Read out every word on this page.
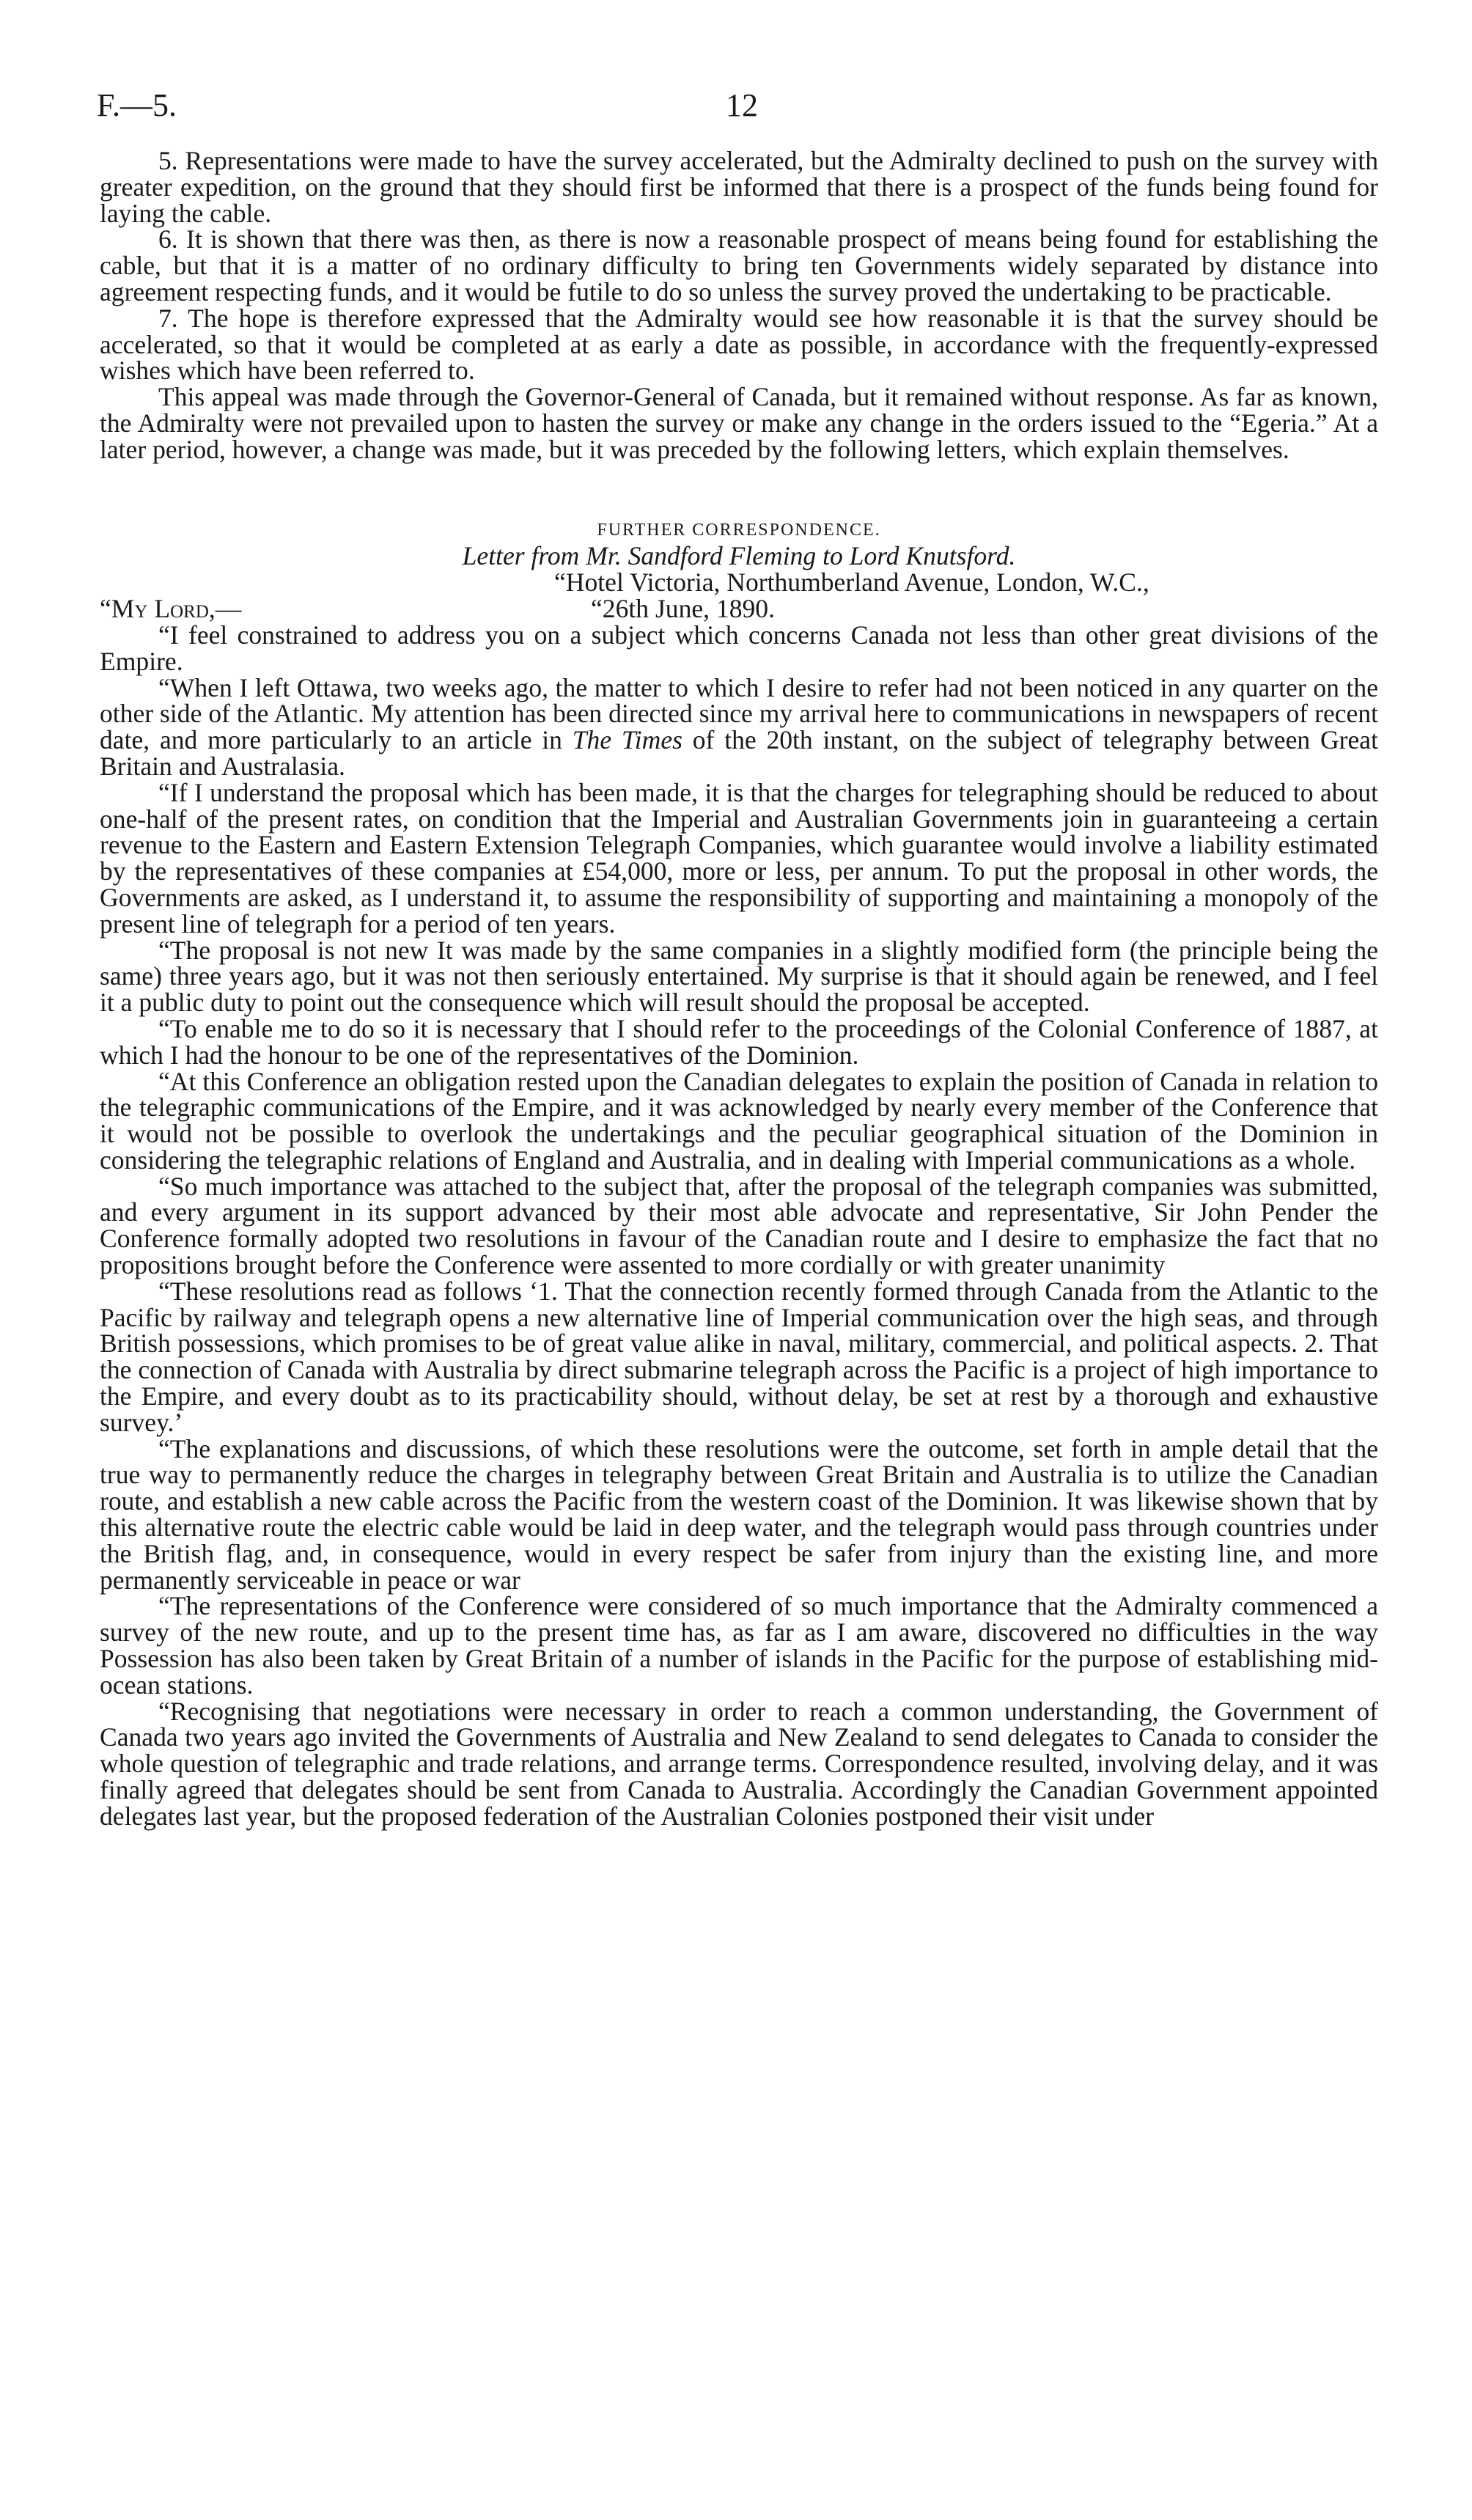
F.—5.	12

5. Representations were made to have the survey accelerated, but the Admiralty declined to push on the survey with greater expedition, on the ground that they should first be informed that there is a prospect of the funds being found for laying the cable.

6. It is shown that there was then, as there is now a reasonable prospect of means being found for establishing the cable, but that it is a matter of no ordinary difficulty to bring ten Governments widely separated by distance into agreement respecting funds, and it would be futile to do so unless the survey proved the undertaking to be practicable.

7. The hope is therefore expressed that the Admiralty would see how reasonable it is that the survey should be accelerated, so that it would be completed at as early a date as possible, in accordance with the frequently-expressed wishes which have been referred to.

This appeal was made through the Governor-General of Canada, but it remained without response. As far as known, the Admiralty were not prevailed upon to hasten the survey or make any change in the orders issued to the “Egeria.” At a later period, however, a change was made, but it was preceded by the following letters, which explain themselves.

FURTHER CORRESPONDENCE.

Letter from Mr. Sandford Fleming to Lord Knutsford.

“Hotel Victoria, Northumberland Avenue, London, W.C.,

“My Lord,—	“26th June, 1890.

“I feel constrained to address you on a subject which concerns Canada not less than other great divisions of the Empire.

“When I left Ottawa, two weeks ago, the matter to which I desire to refer had not been noticed in any quarter on the other side of the Atlantic. My attention has been directed since my arrival here to communications in newspapers of recent date, and more particularly to an article in The Times of the 20th instant, on the subject of telegraphy between Great Britain and Australasia.

“If I understand the proposal which has been made, it is that the charges for telegraphing should be reduced to about one-half of the present rates, on condition that the Imperial and Australian Governments join in guaranteeing a certain revenue to the Eastern and Eastern Extension Telegraph Companies, which guarantee would involve a liability estimated by the representatives of these companies at £54,000, more or less, per annum. To put the proposal in other words, the Governments are asked, as I understand it, to assume the responsibility of supporting and maintaining a monopoly of the present line of telegraph for a period of ten years.

“The proposal is not new It was made by the same companies in a slightly modified form (the principle being the same) three years ago, but it was not then seriously entertained. My surprise is that it should again be renewed, and I feel it a public duty to point out the consequence which will result should the proposal be accepted.

“To enable me to do so it is necessary that I should refer to the proceedings of the Colonial Conference of 1887, at which I had the honour to be one of the representatives of the Dominion.

“At this Conference an obligation rested upon the Canadian delegates to explain the position of Canada in relation to the telegraphic communications of the Empire, and it was acknowledged by nearly every member of the Conference that it would not be possible to overlook the undertakings and the peculiar geographical situation of the Dominion in considering the telegraphic relations of England and Australia, and in dealing with Imperial communications as a whole.

“So much importance was attached to the subject that, after the proposal of the telegraph companies was submitted, and every argument in its support advanced by their most able advocate and representative, Sir John Pender the Conference formally adopted two resolutions in favour of the Canadian route and I desire to emphasize the fact that no propositions brought before the Conference were assented to more cordially or with greater unanimity

“These resolutions read as follows ‘1. That the connection recently formed through Canada from the Atlantic to the Pacific by railway and telegraph opens a new alternative line of Imperial communication over the high seas, and through British possessions, which promises to be of great value alike in naval, military, commercial, and political aspects. 2. That the connection of Canada with Australia by direct submarine telegraph across the Pacific is a project of high importance to the Empire, and every doubt as to its practicability should, without delay, be set at rest by a thorough and exhaustive survey.’

“The explanations and discussions, of which these resolutions were the outcome, set forth in ample detail that the true way to permanently reduce the charges in telegraphy between Great Britain and Australia is to utilize the Canadian route, and establish a new cable across the Pacific from the western coast of the Dominion. It was likewise shown that by this alternative route the electric cable would be laid in deep water, and the telegraph would pass through countries under the British flag, and, in consequence, would in every respect be safer from injury than the existing line, and more permanently serviceable in peace or war

“The representations of the Conference were considered of so much importance that the Admiralty commenced a survey of the new route, and up to the present time has, as far as I am aware, discovered no difficulties in the way Possession has also been taken by Great Britain of a number of islands in the Pacific for the purpose of establishing mid-ocean stations.

“Recognising that negotiations were necessary in order to reach a common understanding, the Government of Canada two years ago invited the Governments of Australia and New Zealand to send delegates to Canada to consider the whole question of telegraphic and trade relations, and arrange terms. Correspondence resulted, involving delay, and it was finally agreed that delegates should be sent from Canada to Australia. Accordingly the Canadian Government appointed delegates last year, but the proposed federation of the Australian Colonies postponed their visit under
